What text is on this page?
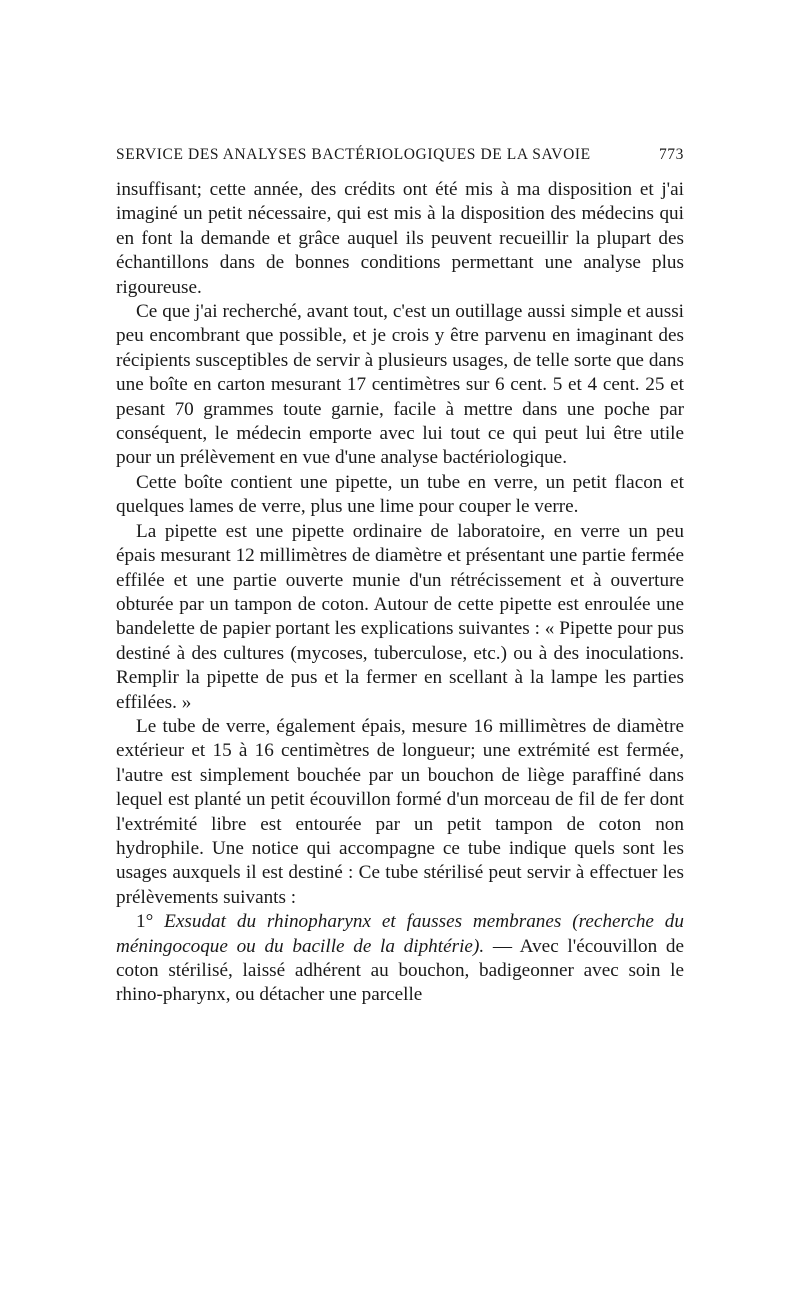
SERVICE DES ANALYSES BACTÉRIOLOGIQUES DE LA SAVOIE	773

insuffisant; cette année, des crédits ont été mis à ma disposition et j'ai imaginé un petit nécessaire, qui est mis à la disposition des médecins qui en font la demande et grâce auquel ils peuvent recueillir la plupart des échantillons dans de bonnes conditions permettant une analyse plus rigoureuse.

Ce que j'ai recherché, avant tout, c'est un outillage aussi simple et aussi peu encombrant que possible, et je crois y être parvenu en imaginant des récipients susceptibles de servir à plusieurs usages, de telle sorte que dans une boîte en carton mesurant 17 centimètres sur 6 cent. 5 et 4 cent. 25 et pesant 70 grammes toute garnie, facile à mettre dans une poche par conséquent, le médecin emporte avec lui tout ce qui peut lui être utile pour un prélèvement en vue d'une analyse bactériologique.

Cette boîte contient une pipette, un tube en verre, un petit flacon et quelques lames de verre, plus une lime pour couper le verre.

La pipette est une pipette ordinaire de laboratoire, en verre un peu épais mesurant 12 millimètres de diamètre et présentant une partie fermée effilée et une partie ouverte munie d'un rétrécissement et à ouverture obturée par un tampon de coton. Autour de cette pipette est enroulée une bandelette de papier portant les explications suivantes : « Pipette pour pus destiné à des cultures (mycoses, tuberculose, etc.) ou à des inoculations. Remplir la pipette de pus et la fermer en scellant à la lampe les parties effilées. »

Le tube de verre, également épais, mesure 16 millimètres de diamètre extérieur et 15 à 16 centimètres de longueur; une extrémité est fermée, l'autre est simplement bouchée par un bouchon de liège paraffiné dans lequel est planté un petit écouvillon formé d'un morceau de fil de fer dont l'extrémité libre est entourée par un petit tampon de coton non hydrophile. Une notice qui accompagne ce tube indique quels sont les usages auxquels il est destiné : Ce tube stérilisé peut servir à effectuer les prélèvements suivants :

1° Exsudat du rhinopharynx et fausses membranes (recherche du méningocoque ou du bacille de la diphtérie). — Avec l'écouvillon de coton stérilisé, laissé adhérent au bouchon, badigeonner avec soin le rhino-pharynx, ou détacher une parcelle
